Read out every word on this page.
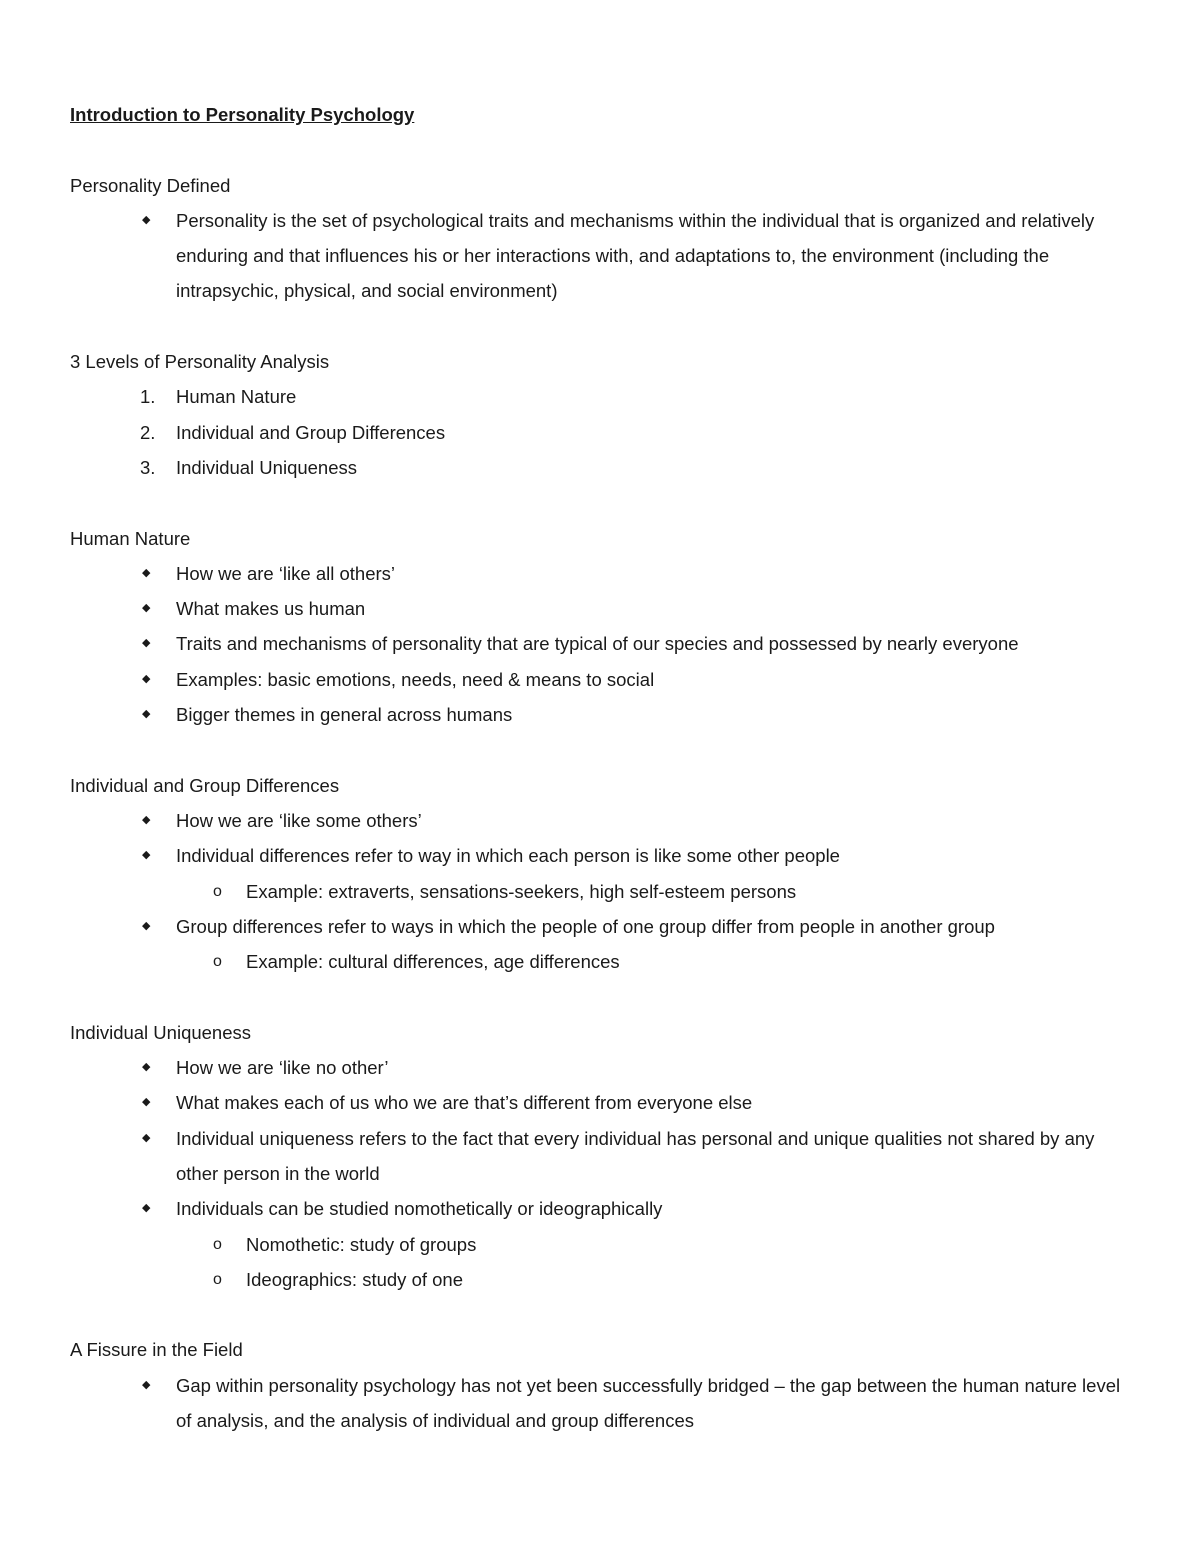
Introduction to Personality Psychology
Personality Defined
◆	Personality is the set of psychological traits and mechanisms within the individual that is organized and relatively enduring and that influences his or her interactions with, and adaptations to, the environment (including the intrapsychic, physical, and social environment)
3 Levels of Personality Analysis
1. Human Nature
2. Individual and Group Differences
3. Individual Uniqueness
Human Nature
◆	How we are ‘like all others’
◆	What makes us human
◆	Traits and mechanisms of personality that are typical of our species and possessed by nearly everyone
◆	Examples: basic emotions, needs, need & means to social
◆	Bigger themes in general across humans
Individual and Group Differences
◆	How we are ‘like some others’
◆	Individual differences refer to way in which each person is like some other people
o Example: extraverts, sensations-seekers, high self-esteem persons
◆	Group differences refer to ways in which the people of one group differ from people in another group
o Example: cultural differences, age differences
Individual Uniqueness
◆	How we are ‘like no other’
◆	What makes each of us who we are that’s different from everyone else
◆	Individual uniqueness refers to the fact that every individual has personal and unique qualities not shared by any other person in the world
◆	Individuals can be studied nomothetically or ideographically
o Nomothetic: study of groups
o Ideographics: study of one
A Fissure in the Field
◆	Gap within personality psychology has not yet been successfully bridged – the gap between the human nature level of analysis, and the analysis of individual and group differences
